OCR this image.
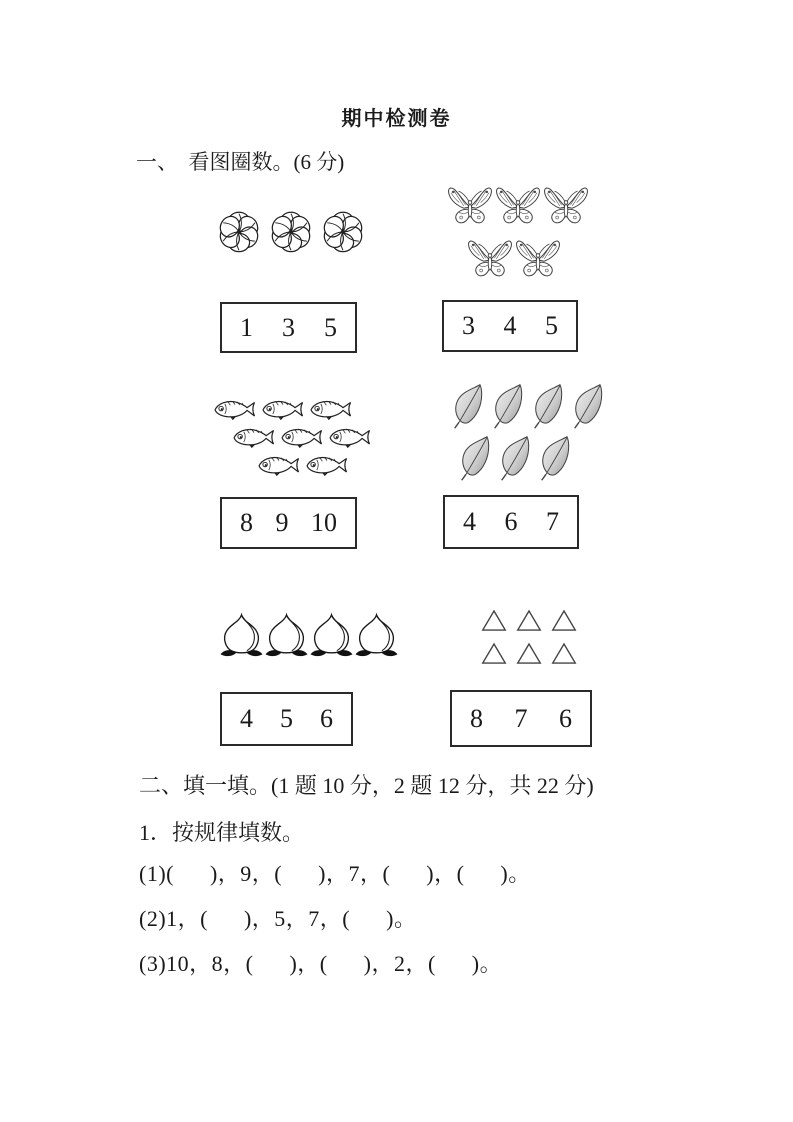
期中检测卷
一、  看图圈数。(6 分)
1 3 5	3 4 5
8 9 10	4 6 7
4 5 6	8 7 6
二、填一填。(1 题 10 分，2 题 12 分，共 22 分)
1．按规律填数。
(1)(      )，9，(      )，7，(      )，(      )。
(2)1，(      )，5，7，(      )。
(3)10，8，(      )，(      )，2，(      )。
